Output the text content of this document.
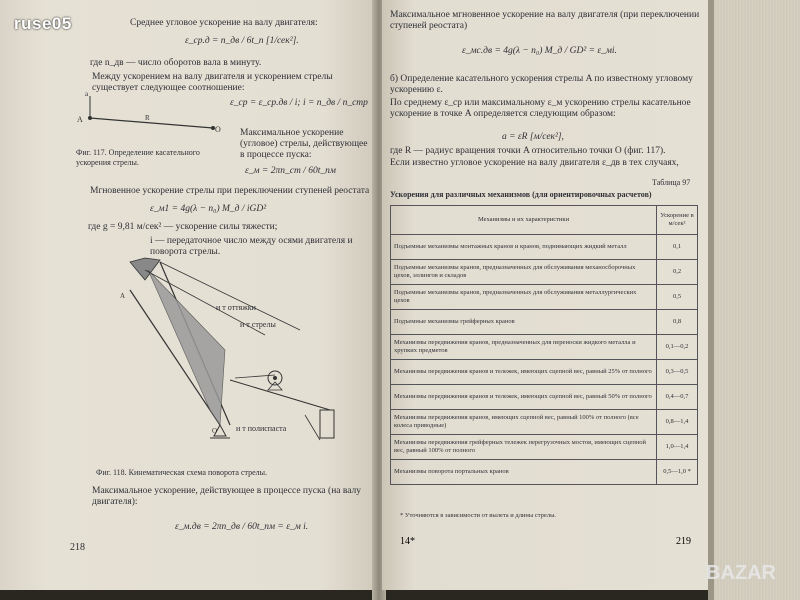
Среднее угловое ускорение на валу двигателя:
ε_ср.д = n_дв / 6t_п [1/сек²].
где n_дв — число оборотов вала в минуту.
Между ускорением на валу двигателя и ускорением стрелы существует следующее соотношение:
ε_ср = ε_ср.дв / i; i = n_дв / n_стр
A
a
R
O Максимальное ускорение (угловое) стрелы, действующее в процессе пуска:
Фиг. 117. Определение касательного ускорения стрелы.
ε_м = 2πn_ст / 60t_пм
Мгновенное ускорение стрелы при переключении ступеней реостата
ε_м1 = 4g(λ − n₀) M_д / iGD²
где g = 9,81 м/сек² — ускорение силы тяжести;
i — передаточное число между осями двигателя и поворота стрелы.
A
O
и т оттяжки
и т стрелы
и т полиспаста
Фиг. 118. Кинематическая схема поворота стрелы.
Максимальное ускорение, действующее в процессе пуска (на валу двигателя):
ε_м.дв = 2πn_дв / 60t_пм = ε_м i.
218
Максимальное мгновенное ускорение на валу двигателя (при переключении ступеней реостата)
ε_мс.дв = 4g(λ − n₀) M_д / GD² = ε_мi.
б) Определение касательного ускорения стрелы A по известному угловому ускорению ε.
По среднему ε_ср или максимальному ε_м ускорению стрелы касательное ускорение в точке A определяется следующим образом:
a = εR [м/сек²],
где R — радиус вращения точки A относительно точки O (фиг. 117).
Если известно угловое ускорение на валу двигателя ε_дв в тех случаях,
Таблица 97
Ускорения для различных механизмов (для ориентировочных расчетов)
Механизмы и их характеристики	Ускорение в м/сек²
Подъемные механизмы монтажных кранов и кранов, поднимающих жидкий металл	0,1
Подъемные механизмы кранов, предназначенных для обслуживания механосборочных цехов, эллингов и складов	0,2
Подъемные механизмы кранов, предназначенных для обслуживания металлургических цехов	0,5
Подъемные механизмы грейферных кранов	0,8
Механизмы передвижения кранов, предназначенных для переноски жидкого металла и хрупких предметов	0,1—0,2
Механизмы передвижения кранов и тележек, имеющих сцепной вес, равный 25% от полного	0,3—0,5
Механизмы передвижения кранов и тележек, имеющих сцепной вес, равный 50% от полного	0,4—0,7
Механизмы передвижения кранов, имеющих сцепной вес, равный 100% от полного (все колеса приводные)	0,8—1,4
Механизмы передвижения грейферных тележек перегрузочных мостов, имеющих сцепной вес, равный 100% от полного	1,0—1,4
Механизмы поворота портальных кранов	0,5—1,0 *
* Уточняются в зависимости от вылета и длины стрелы.
14*	219
ruse05
BAZAR
